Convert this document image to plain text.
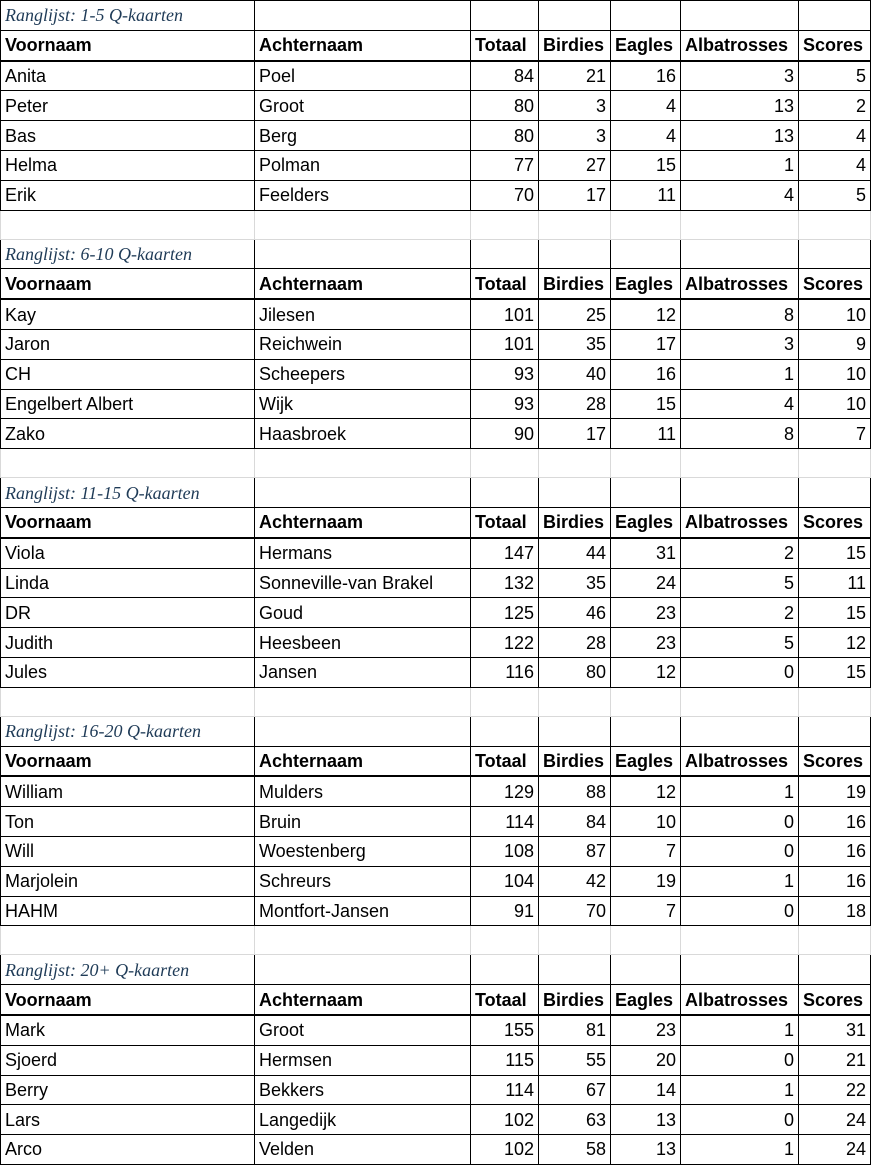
Ranglijst: 1-5 Q-kaarten						
Voornaam	Achternaam	Totaal	Birdies	Eagles	Albatrosses	Scores
Anita	Poel	84	21	16	3	5
Peter	Groot	80	3	4	13	2
Bas	Berg	80	3	4	13	4
Helma	Polman	77	27	15	1	4
Erik	Feelders	70	17	11	4	5

Ranglijst: 6-10 Q-kaarten						
Voornaam	Achternaam	Totaal	Birdies	Eagles	Albatrosses	Scores
Kay	Jilesen	101	25	12	8	10
Jaron	Reichwein	101	35	17	3	9
CH	Scheepers	93	40	16	1	10
Engelbert Albert	Wijk	93	28	15	4	10
Zako	Haasbroek	90	17	11	8	7

Ranglijst: 11-15 Q-kaarten						
Voornaam	Achternaam	Totaal	Birdies	Eagles	Albatrosses	Scores
Viola	Hermans	147	44	31	2	15
Linda	Sonneville-van Brakel	132	35	24	5	11
DR	Goud	125	46	23	2	15
Judith	Heesbeen	122	28	23	5	12
Jules	Jansen	116	80	12	0	15

Ranglijst: 16-20 Q-kaarten						
Voornaam	Achternaam	Totaal	Birdies	Eagles	Albatrosses	Scores
William	Mulders	129	88	12	1	19
Ton	Bruin	114	84	10	0	16
Will	Woestenberg	108	87	7	0	16
Marjolein	Schreurs	104	42	19	1	16
HAHM	Montfort-Jansen	91	70	7	0	18

Ranglijst: 20+ Q-kaarten						
Voornaam	Achternaam	Totaal	Birdies	Eagles	Albatrosses	Scores
Mark	Groot	155	81	23	1	31
Sjoerd	Hermsen	115	55	20	0	21
Berry	Bekkers	114	67	14	1	22
Lars	Langedijk	102	63	13	0	24
Arco	Velden	102	58	13	1	24
